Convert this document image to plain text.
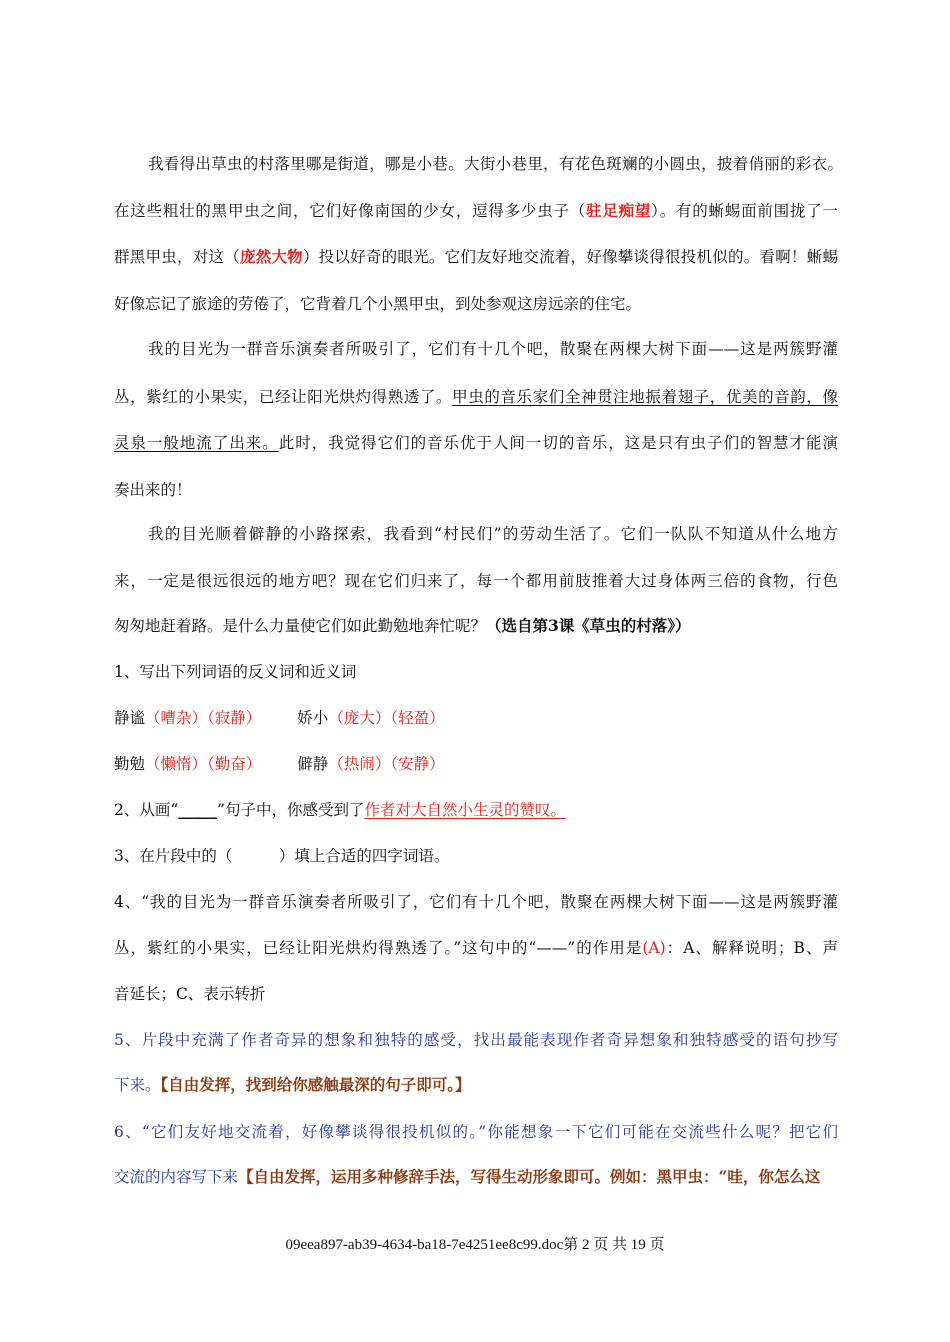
我看得出草虫的村落里哪是街道，哪是小巷。大街小巷里，有花色斑斓的小圆虫，披着俏丽的彩衣。
在这些粗壮的黑甲虫之间，它们好像南国的少女，逗得多少虫子（驻足痴望）。有的蜥蜴面前围拢了一
群黑甲虫，对这（庞然大物）投以好奇的眼光。它们友好地交流着，好像攀谈得很投机似的。看啊！蜥蜴
好像忘记了旅途的劳倦了，它背着几个小黑甲虫，到处参观这房远亲的住宅。
我的目光为一群音乐演奏者所吸引了，它们有十几个吧，散聚在两棵大树下面——这是两簇野灌
丛，紫红的小果实，已经让阳光烘灼得熟透了。甲虫的音乐家们全神贯注地振着翅子，优美的音韵，像
灵泉一般地流了出来。此时，我觉得它们的音乐优于人间一切的音乐，这是只有虫子们的智慧才能演
奏出来的！
我的目光顺着僻静的小路探索，我看到“村民们”的劳动生活了。它们一队队不知道从什么地方
来，一定是很远很远的地方吧？现在它们归来了，每一个都用前肢推着大过身体两三倍的食物，行色
匆匆地赶着路。是什么力量使它们如此勤勉地奔忙呢？（选自第3课《草虫的村落》）
1、写出下列词语的反义词和近义词
静谧（嘈杂）（寂静） 娇小（庞大）（轻盈）
勤勉（懒惰）（勤奋） 僻静（热闹）（安静）
2、从画“_____”句子中，你感受到了作者对大自然小生灵的赞叹。
3、在片段中的（　　　）填上合适的四字词语。
4、“我的目光为一群音乐演奏者所吸引了，它们有十几个吧，散聚在两棵大树下面——这是两簇野灌
丛，紫红的小果实，已经让阳光烘灼得熟透了。”这句中的“——”的作用是(A)：A、解释说明；B、声
音延长；C、表示转折
5、片段中充满了作者奇异的想象和独特的感受，找出最能表现作者奇异想象和独特感受的语句抄写
下来。【自由发挥，找到给你感触最深的句子即可。】
6、“它们友好地交流着，好像攀谈得很投机似的。”你能想象一下它们可能在交流些什么呢？把它们
交流的内容写下来【自由发挥，运用多种修辞手法，写得生动形象即可。例如：黑甲虫：“哇，你怎么这
09eea897-ab39-4634-ba18-7e4251ee8c99.doc第 2 页 共 19 页
